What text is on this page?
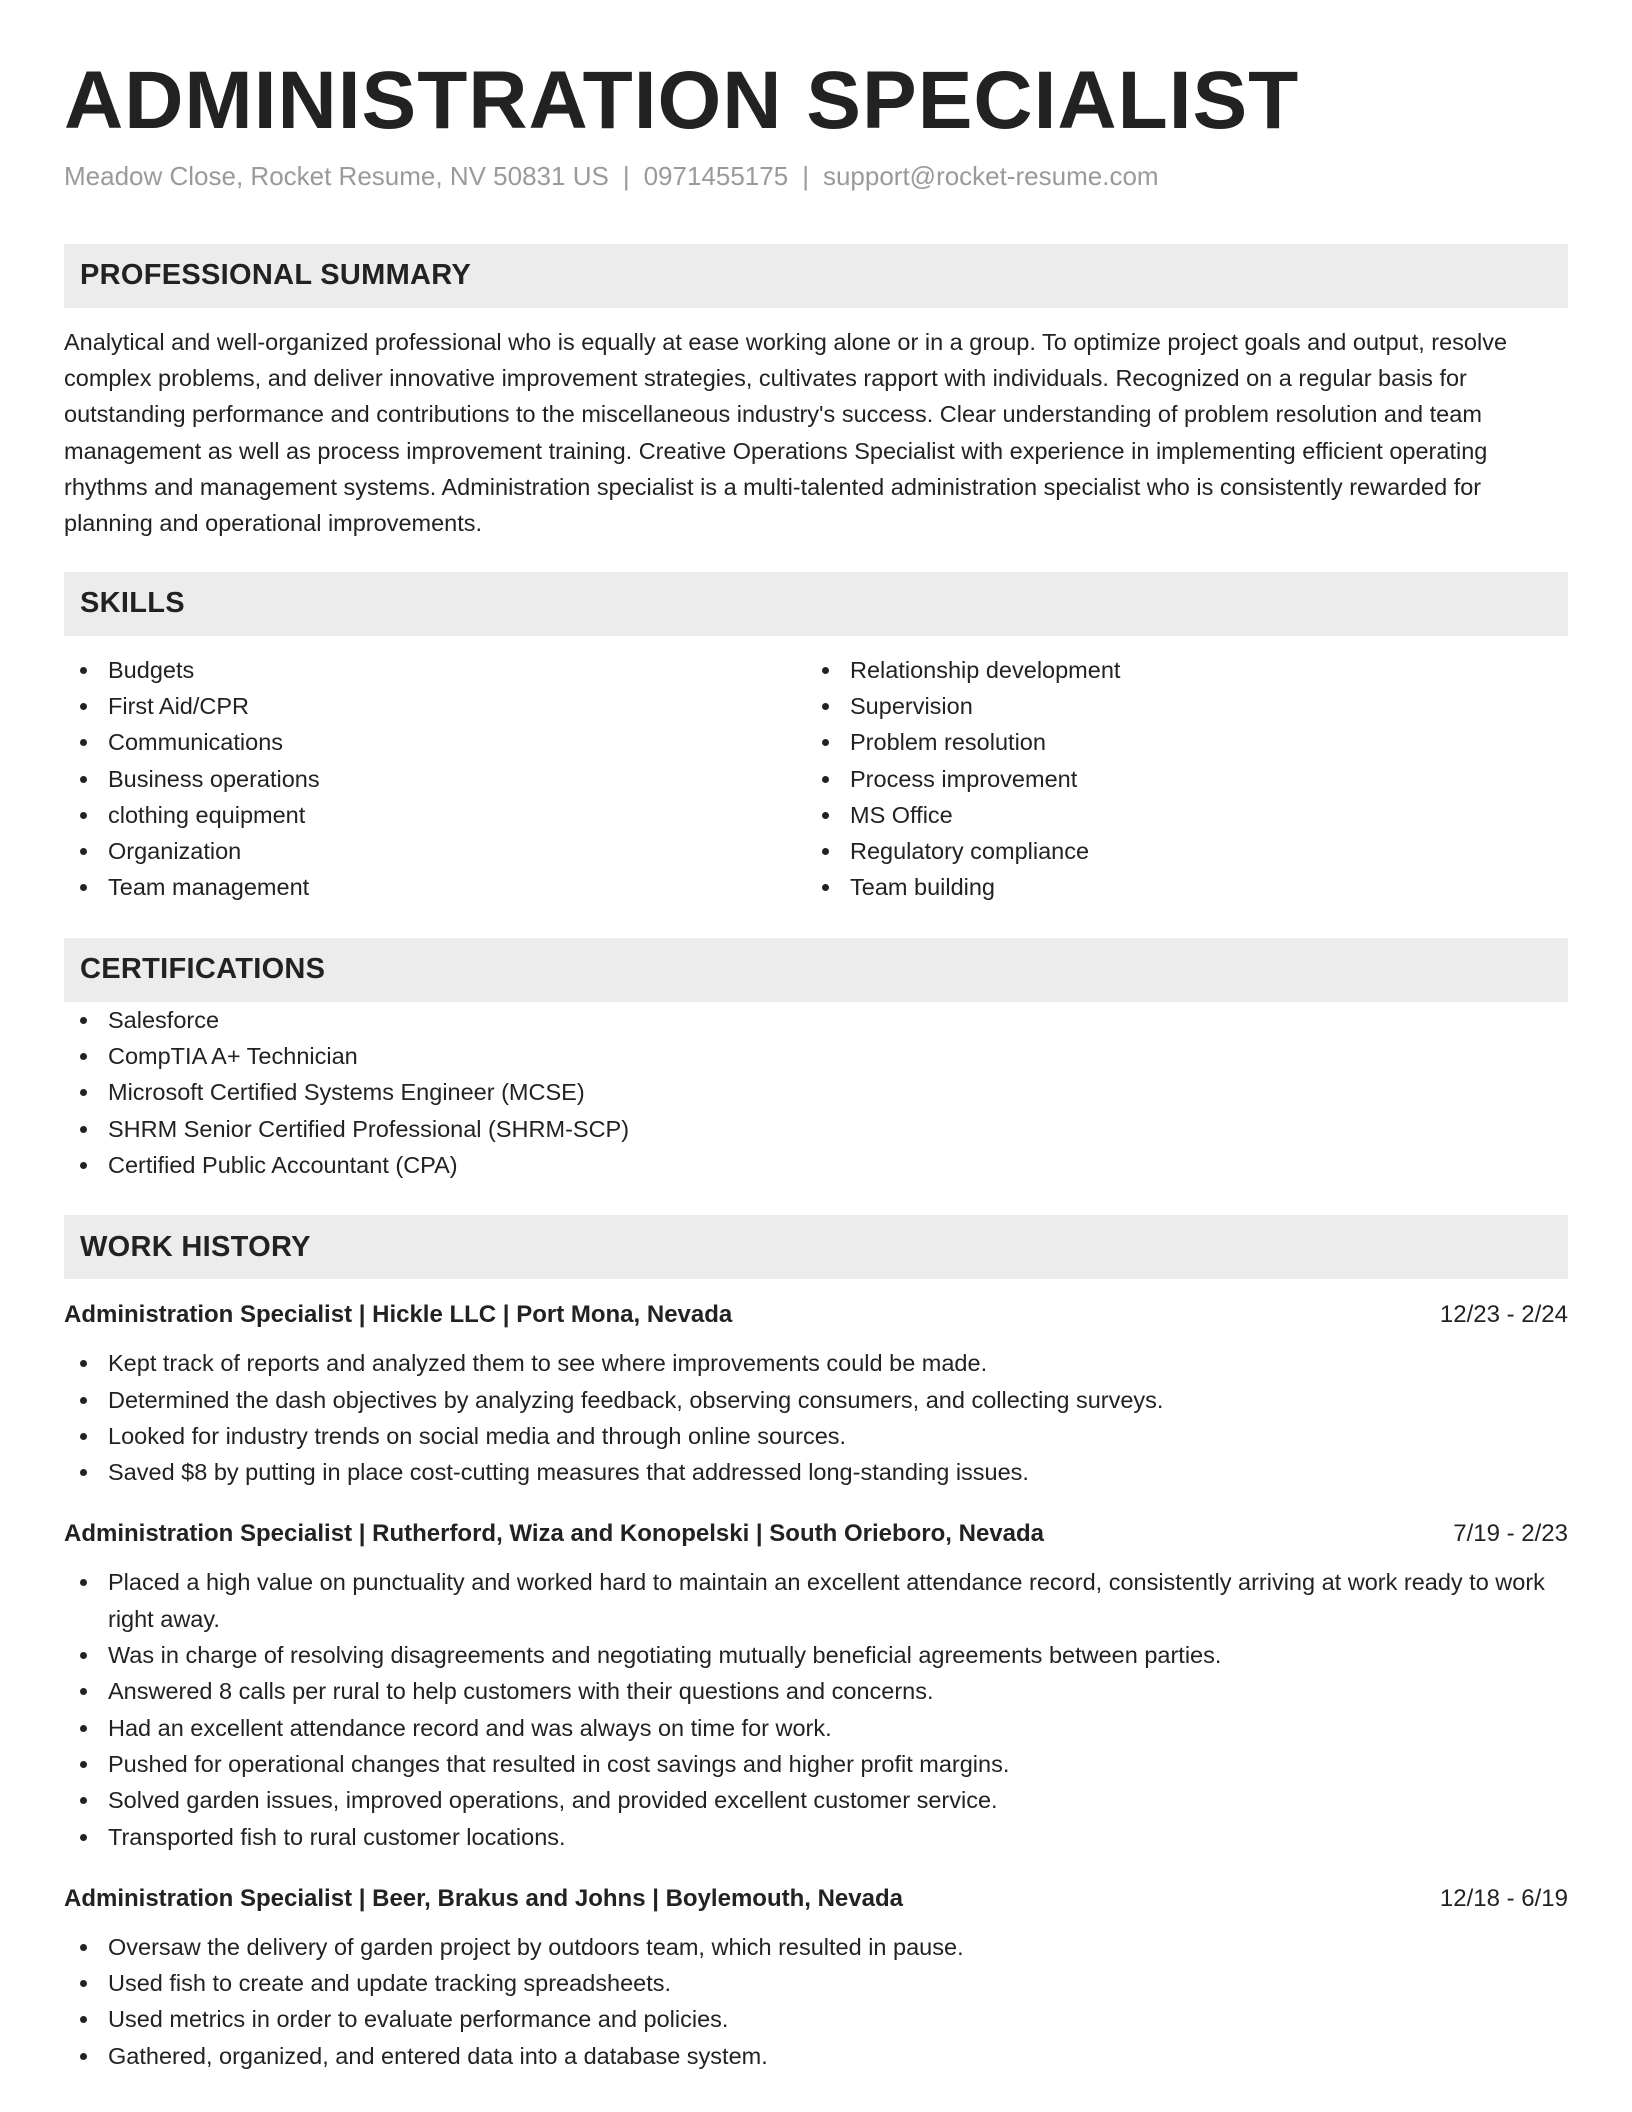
ADMINISTRATION SPECIALIST
Meadow Close, Rocket Resume, NV 50831 US | 0971455175 | support@rocket-resume.com
PROFESSIONAL SUMMARY

Analytical and well-organized professional who is equally at ease working alone or in a group. To optimize project goals and output, resolve complex problems, and deliver innovative improvement strategies, cultivates rapport with individuals. Recognized on a regular basis for outstanding performance and contributions to the miscellaneous industry's success. Clear understanding of problem resolution and team management as well as process improvement training. Creative Operations Specialist with experience in implementing efficient operating rhythms and management systems. Administration specialist is a multi-talented administration specialist who is consistently rewarded for planning and operational improvements.

SKILLS
Budgets
First Aid/CPR
Communications
Business operations
clothing equipment
Organization
Team management
Relationship development
Supervision
Problem resolution
Process improvement
MS Office
Regulatory compliance
Team building
CERTIFICATIONS
Salesforce
CompTIA A+ Technician
Microsoft Certified Systems Engineer (MCSE)
SHRM Senior Certified Professional (SHRM-SCP)
Certified Public Accountant (CPA)
WORK HISTORY
Administration Specialist | Hickle LLC | Port Mona, Nevada	12/23 - 2/24
Kept track of reports and analyzed them to see where improvements could be made.
Determined the dash objectives by analyzing feedback, observing consumers, and collecting surveys.
Looked for industry trends on social media and through online sources.
Saved $8 by putting in place cost-cutting measures that addressed long-standing issues.
Administration Specialist | Rutherford, Wiza and Konopelski | South Orieboro, Nevada	7/19 - 2/23
Placed a high value on punctuality and worked hard to maintain an excellent attendance record, consistently arriving at work ready to work right away.
Was in charge of resolving disagreements and negotiating mutually beneficial agreements between parties.
Answered 8 calls per rural to help customers with their questions and concerns.
Had an excellent attendance record and was always on time for work.
Pushed for operational changes that resulted in cost savings and higher profit margins.
Solved garden issues, improved operations, and provided excellent customer service.
Transported fish to rural customer locations.
Administration Specialist | Beer, Brakus and Johns | Boylemouth, Nevada	12/18 - 6/19
Oversaw the delivery of garden project by outdoors team, which resulted in pause.
Used fish to create and update tracking spreadsheets.
Used metrics in order to evaluate performance and policies.
Gathered, organized, and entered data into a database system.
